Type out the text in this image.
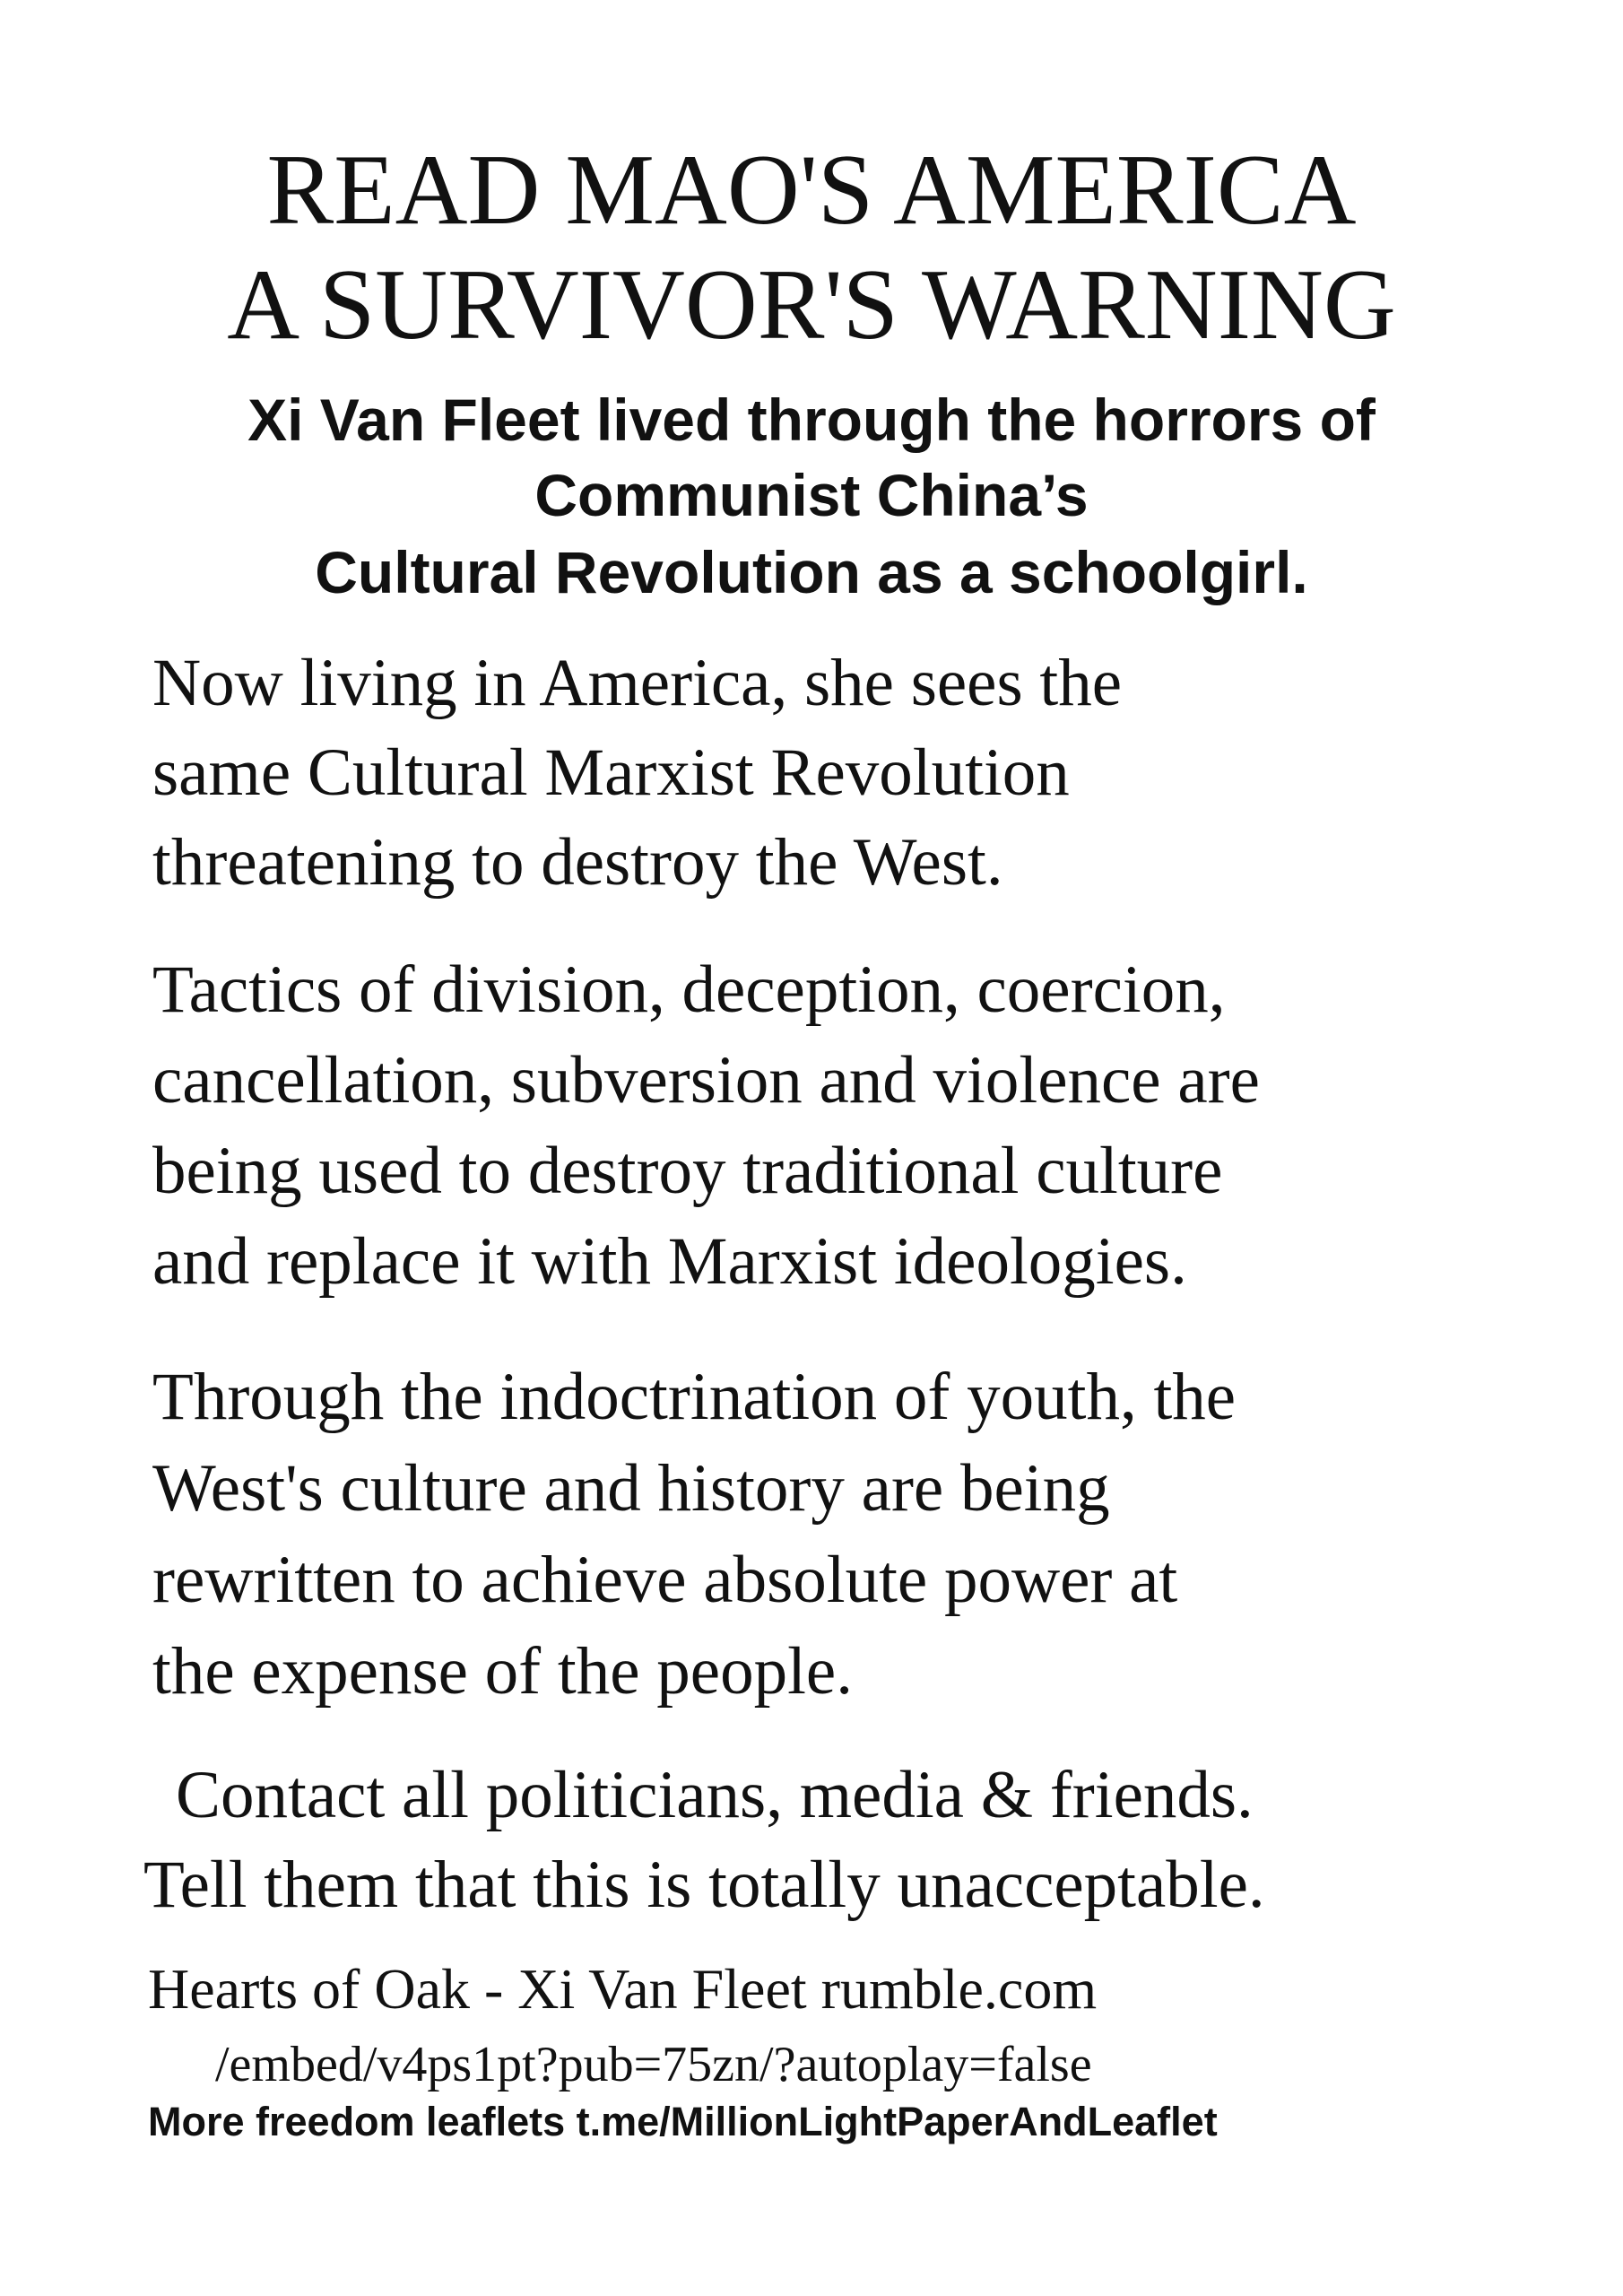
READ MAO'S AMERICA
A SURVIVOR'S WARNING
Xi Van Fleet lived through the horrors of
Communist China’s
Cultural Revolution as a schoolgirl.
Now living in America, she sees the
same Cultural Marxist Revolution
threatening to destroy the West.
Tactics of division, deception, coercion,
cancellation, subversion and violence are
being used to destroy traditional culture
and replace it with Marxist ideologies.
Through the indoctrination of youth, the
West's culture and history are being
rewritten to achieve absolute power at
the expense of the people.
Contact all politicians, media & friends.
Tell them that this is totally unacceptable.
Hearts of Oak - Xi Van Fleet rumble.com
/embed/v4ps1pt?pub=75zn/?autoplay=false
More freedom leaflets t.me/MillionLightPaperAndLeaflet
